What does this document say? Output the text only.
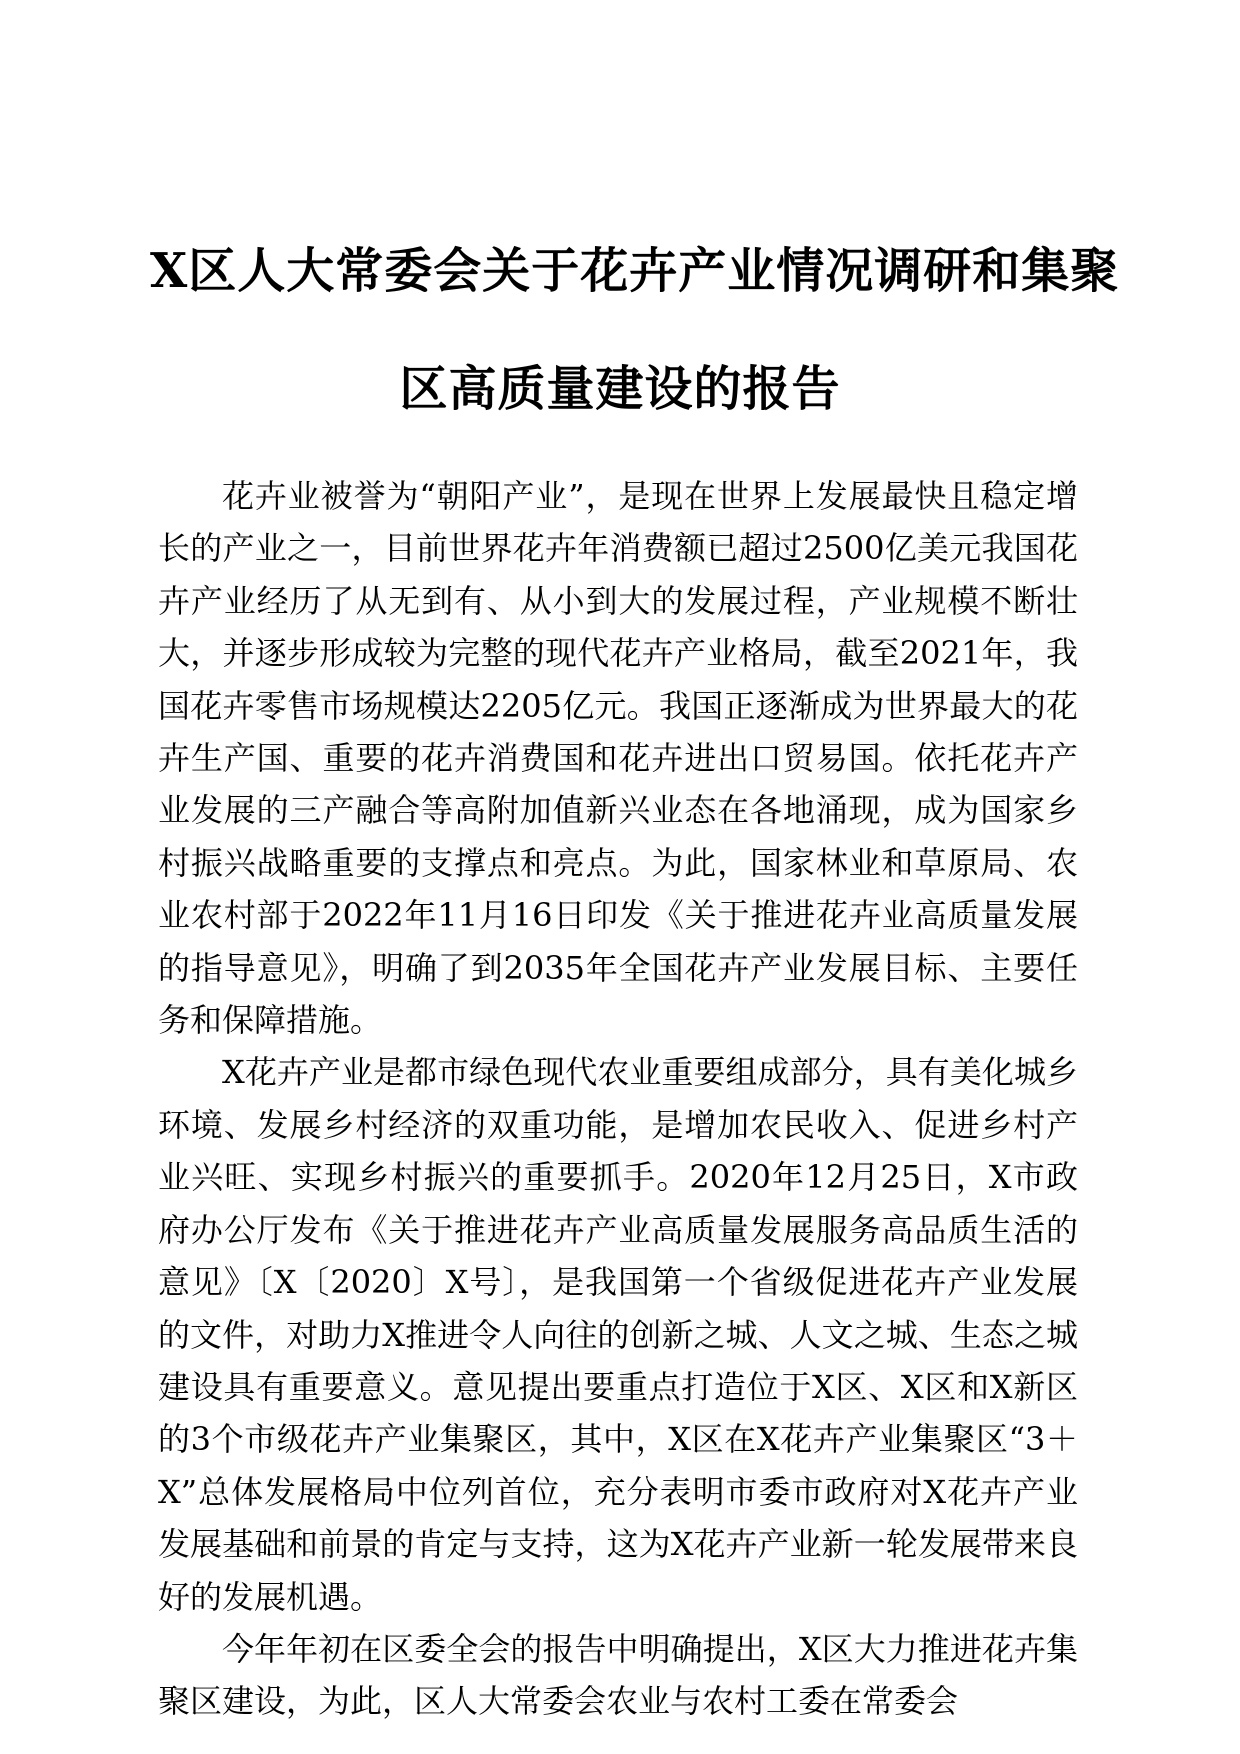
X区人大常委会关于花卉产业情况调研和集聚
区高质量建设的报告

花卉业被誉为“朝阳产业”，是现在世界上发展最快且稳定增长的产业之一，目前世界花卉年消费额已超过2500亿美元我国花卉产业经历了从无到有、从小到大的发展过程，产业规模不断壮大，并逐步形成较为完整的现代花卉产业格局，截至2021年，我国花卉零售市场规模达2205亿元。我国正逐渐成为世界最大的花卉生产国、重要的花卉消费国和花卉进出口贸易国。依托花卉产业发展的三产融合等高附加值新兴业态在各地涌现，成为国家乡村振兴战略重要的支撑点和亮点。为此，国家林业和草原局、农业农村部于2022年11月16日印发《关于推进花卉业高质量发展的指导意见》，明确了到2035年全国花卉产业发展目标、主要任务和保障措施。

X花卉产业是都市绿色现代农业重要组成部分，具有美化城乡环境、发展乡村经济的双重功能，是增加农民收入、促进乡村产业兴旺、实现乡村振兴的重要抓手。2020年12月25日，X市政府办公厅发布《关于推进花卉产业高质量发展服务高品质生活的意见》〔X〔2020〕X号〕，是我国第一个省级促进花卉产业发展的文件，对助力X推进令人向往的创新之城、人文之城、生态之城建设具有重要意义。意见提出要重点打造位于X区、X区和X新区的3个市级花卉产业集聚区，其中，X区在X花卉产业集聚区“3＋X”总体发展格局中位列首位，充分表明市委市政府对X花卉产业发展基础和前景的肯定与支持，这为X花卉产业新一轮发展带来良好的发展机遇。

今年年初在区委全会的报告中明确提出，X区大力推进花卉集聚区建设，为此，区人大常委会农业与农村工委在常委会
